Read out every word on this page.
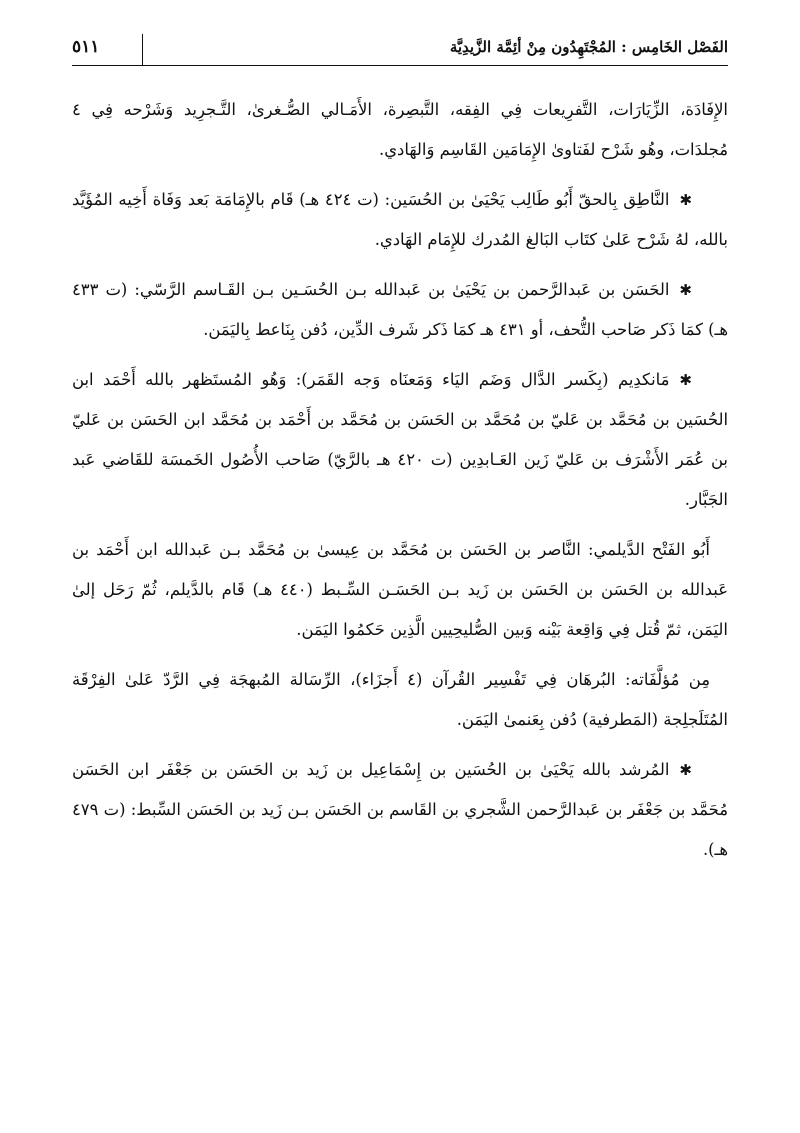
الفَصْل الخَامِس : المُجْتَهِدُون مِنْ أئِمَّة الزَّيدِيَّة
٥١١

الإِفَادَة، الزِّيَارَات، التَّفرِيعات فِي الفِقه، التَّبصِرة، الأَمَـالي الصُّـغرىٰ، التَّـجرِيد وَشَرْحه فِي ٤ مُجلدَات، وهُو شَرْح لفَتاوىٰ الإِمَامَين القَاسِم وَالهَادي.

✱النَّاطِق بِالحقّ أَبُو طَالِب يَحْيَىٰ بن الحُسَين: (ت ٤٢٤ هـ) قَام بالإِمَامَة بَعد وَفَاة أَخِيه المُؤَيَّد بالله، لهُ شَرْح عَلىٰ كتَاب البَالغ المُدرك للإِمَام الهَادي.

✱الحَسَن بن عَبدالرَّحمن بن يَحْيَىٰ بن عَبدالله بـن الحُسَـين بـن القَـاسم الرَّسّي: (ت ٤٣٣ هـ) كمَا ذَكر صَاحب التُّحف، أو ٤٣١ هـ كمَا ذَكر شَرف الدِّين، دُفن بِنَاعط بِاليَمَن.

✱مَانكدِيم (بِكَسر الدَّال وَضَم اليَاء وَمَعنَاه وَجه القَمَر): وَهُو المُستَظهر بالله أَحْمَد ابن الحُسَين بن مُحَمَّد بن عَليّ بن مُحَمَّد بن الحَسَن بن مُحَمَّد بن أَحْمَد بن مُحَمَّد ابن الحَسَن بن عَليّ بن عُمَر الأَشْرَف بن عَليّ زَين العَـابدِين (ت ٤٢٠ هـ بالرَّيّ) صَاحب الأُصُول الخَمسَة للقَاضي عَبد الجَبَّار.

أَبُو الفَتْح الدَّيلمي: النَّاصر بن الحَسَن بن مُحَمَّد بن عِيسىٰ بن مُحَمَّد بـن عَبدالله ابن أَحْمَد بن عَبدالله بن الحَسَن بن الحَسَن بن زَيد بـن الحَسَـن السِّـبط (٤٤٠ هـ) قَام بالدَّيلم، ثُمّ رَحَل إلىٰ اليَمَن، ثمّ قُتل فِي وَاقِعة بَيْنه وَبين الصُّليحِيين الَّذِين حَكمُوا اليَمَن.

مِن مُؤلَّفَاته: البُرهَان فِي تَفْسِير القُرآن (٤ أَجزَاء)، الرِّسَالة المُبهجَة فِي الرَّدّ عَلىٰ الفِرْقَة المُتَلَجلِجة (المَطرفية) دُفن بِعَنمىٰ اليَمَن.

✱المُرشد بالله يَحْيَىٰ بن الحُسَين بن إِسْمَاعِيل بن زَيد بن الحَسَن بن جَعْفَر ابن الحَسَن مُحَمَّد بن جَعْفَر بن عَبدالرَّحمن الشَّجري بن القَاسم بن الحَسَن بـن زَيد بن الحَسَن السِّبط: (ت ٤٧٩ هـ).
